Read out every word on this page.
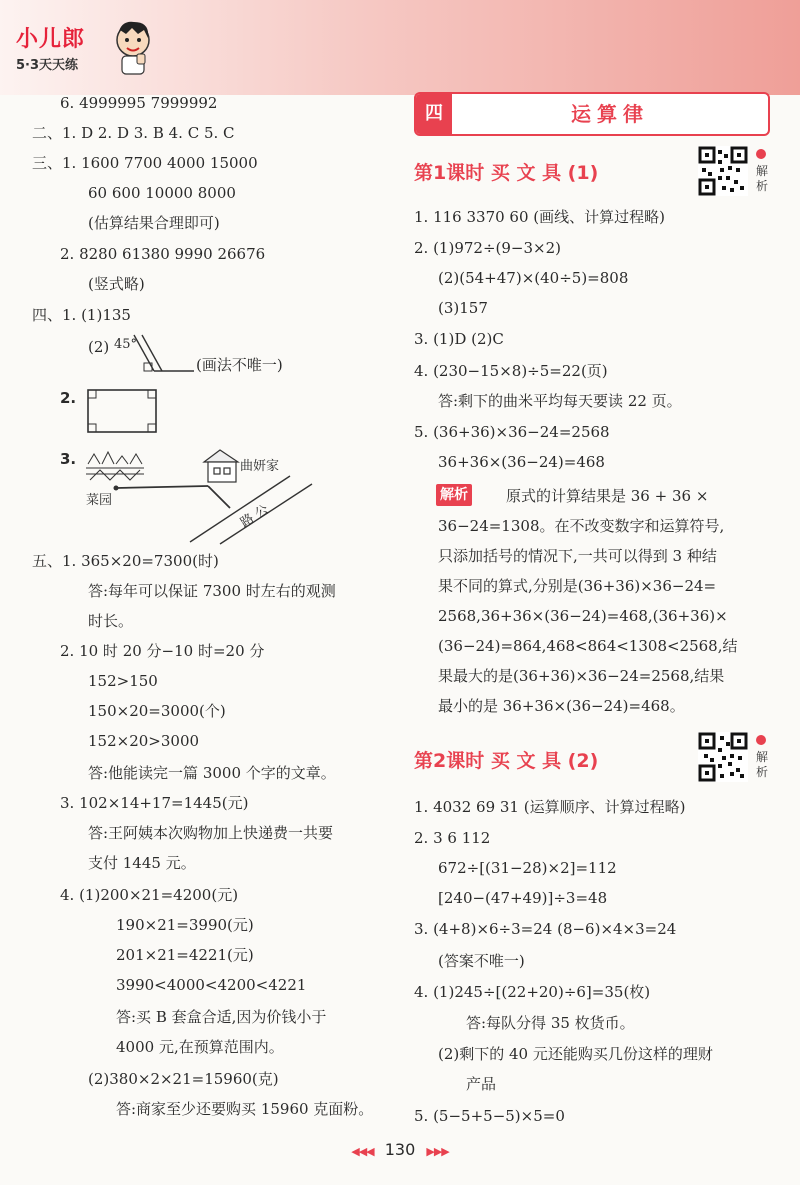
小儿郎
5·3天天练
6. 4999995 7999992
二、1. D 2. D 3. B 4. C 5. C
三、1. 1600 7700 4000 15000
60 600 10000 8000
(估算结果合理即可)
2. 8280 61380 9990 26676
(竖式略)
四、1. (1)135
(2) 45°
(画法不唯一)
2.
3.	曲妍家
菜园
路 公
五、1. 365×20=7300(时)
答:每年可以保证 7300 时左右的观测
时长。
2. 10 时 20 分−10 时=20 分
152>150
150×20=3000(个)
152×20>3000
答:他能读完一篇 3000 个字的文章。
3. 102×14+17=1445(元)
答:王阿姨本次购物加上快递费一共要
支付 1445 元。
4. (1)200×21=4200(元)
190×21=3990(元)
201×21=4221(元)
3990<4000<4200<4221
答:买 B 套盒合适,因为价钱小于
4000 元,在预算范围内。
(2)380×2×21=15960(克)
答:商家至少还要购买 15960 克面粉。
四	运算律
第1课时 买 文 具 (1)	解析
1. 116 3370 60 (画线、计算过程略)
2. (1)972÷(9−3×2)
(2)(54+47)×(40÷5)=808
(3)157
3. (1)D (2)C
4. (230−15×8)÷5=22(页)
答:剩下的曲米平均每天要读 22 页。
5. (36+36)×36−24=2568
36+36×(36−24)=468
解析	原式的计算结果是 36 + 36 ×
36−24=1308。在不改变数字和运算符号,
只添加括号的情况下,一共可以得到 3 种结
果不同的算式,分别是(36+36)×36−24=
2568,36+36×(36−24)=468,(36+36)×
(36−24)=864,468<864<1308<2568,结
果最大的是(36+36)×36−24=2568,结果
最小的是 36+36×(36−24)=468。
第2课时 买 文 具 (2)	解析
1. 4032 69 31 (运算顺序、计算过程略)
2. 3 6 112
672÷[(31−28)×2]=112
[240−(47+49)]÷3=48
3. (4+8)×6÷3=24 (8−6)×4×3=24
(答案不唯一)
4. (1)245÷[(22+20)÷6]=35(枚)
答:每队分得 35 枚货币。
(2)剩下的 40 元还能购买几份这样的理财
产品
5. (5−5+5−5)×5=0
◀◀◀ 130 ▶▶▶
